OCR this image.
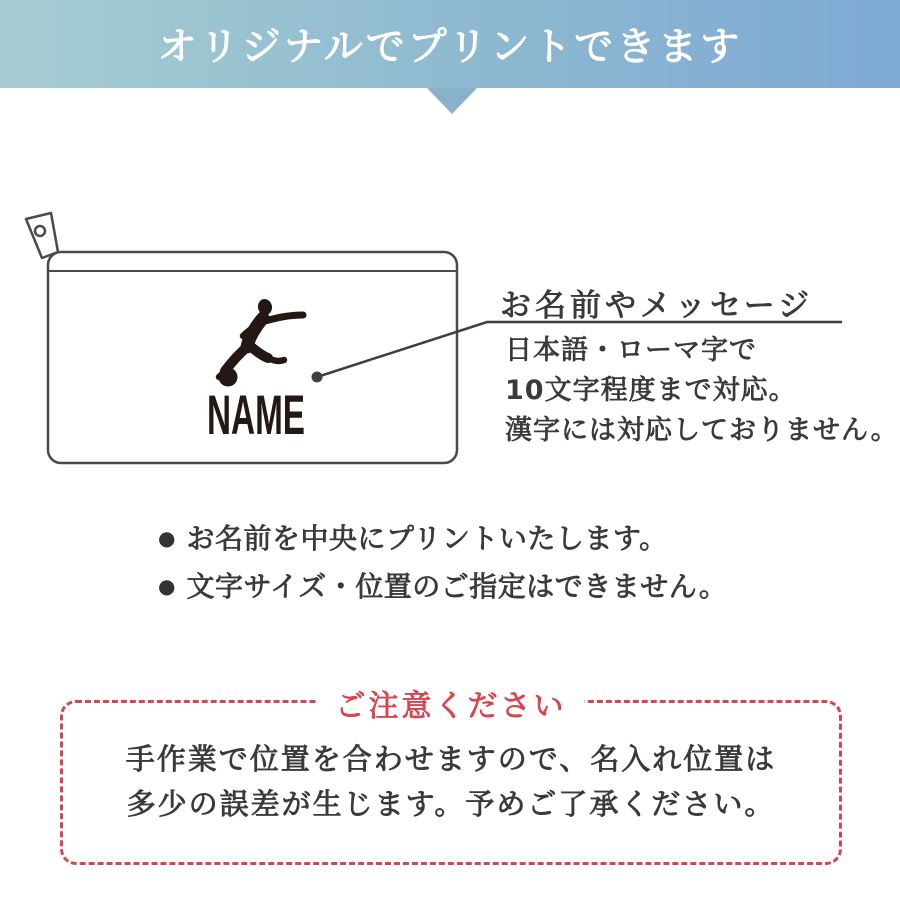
オリジナルでプリントできます
NAME
お名前やメッセージ
日本語・ローマ字で
10文字程度まで対応。
漢字には対応しておりません。
● お名前を中央にプリントいたします。
● 文字サイズ・位置のご指定はできません。
ご注意ください
手作業で位置を合わせますので、名入れ位置は
多少の誤差が生じます。予めご了承ください。
